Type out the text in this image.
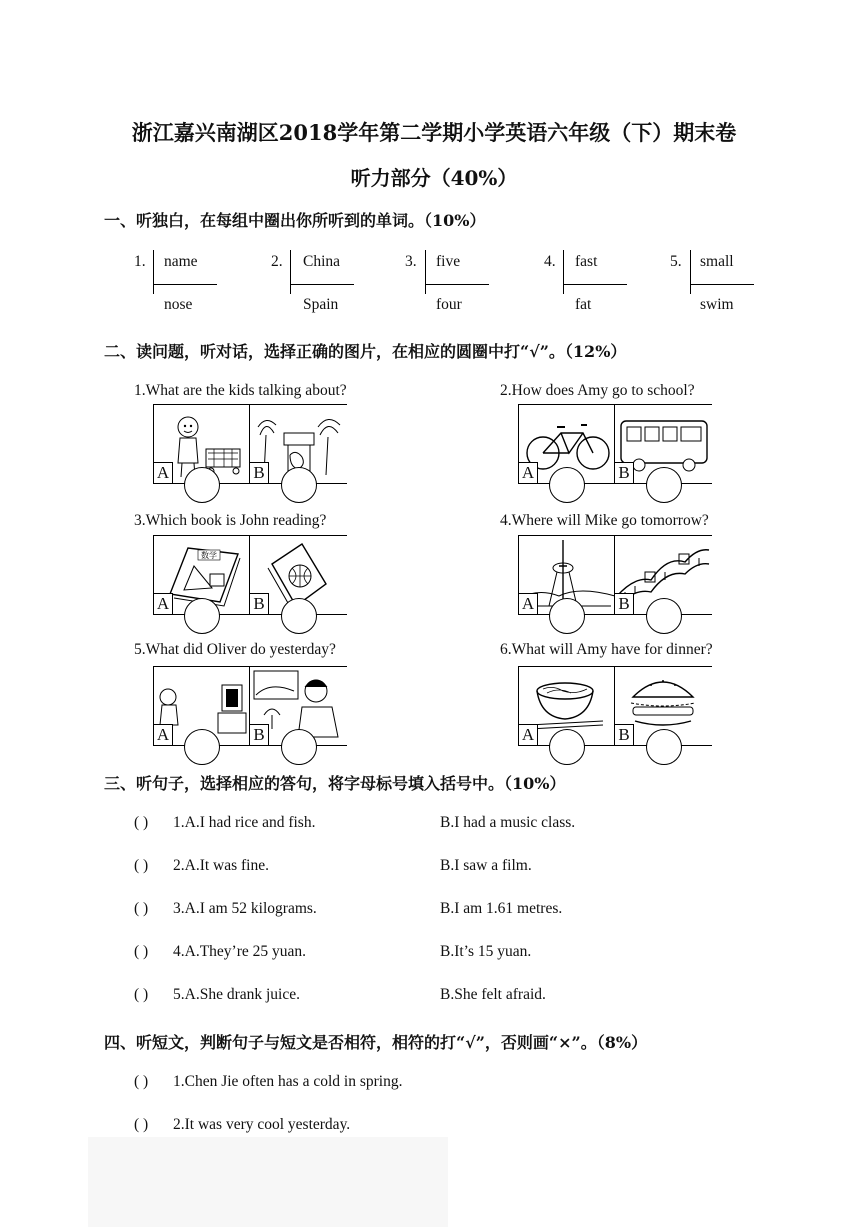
浙江嘉兴南湖区2018学年第二学期小学英语六年级（下）期末卷
听力部分（40%）
一、听独白，在每组中圈出你所听到的单词。（10%）
1. name
nose
2. China
Spain
3. five
four
4. fast
fat
5. small
swim
二、读问题，听对话，选择正确的图片，在相应的圆圈中打“√”。（12%）
1.What are the kids talking about?
A	B
2.How does Amy go to school?
A	B
3.Which book is John reading?
数学
A	B
4.Where will Mike go tomorrow?
A	B
5.What did Oliver do yesterday?
A	B
6.What will Amy have for dinner?
A	B
三、听句子，选择相应的答句，将字母标号填入括号中。（10%）
( ) 1.A.I had rice and fish.	B.I had a music class.
( ) 2.A.It was fine.	B.I saw a film.
( ) 3.A.I am 52 kilograms.	B.I am 1.61 metres.
( ) 4.A.They’re 25 yuan.	B.It’s 15 yuan.
( ) 5.A.She drank juice.	B.She felt afraid.
四、听短文，判断句子与短文是否相符，相符的打“√”，否则画“×”。（8%）
( ) 1.Chen Jie often has a cold in spring.
( ) 2.It was very cool yesterday.
